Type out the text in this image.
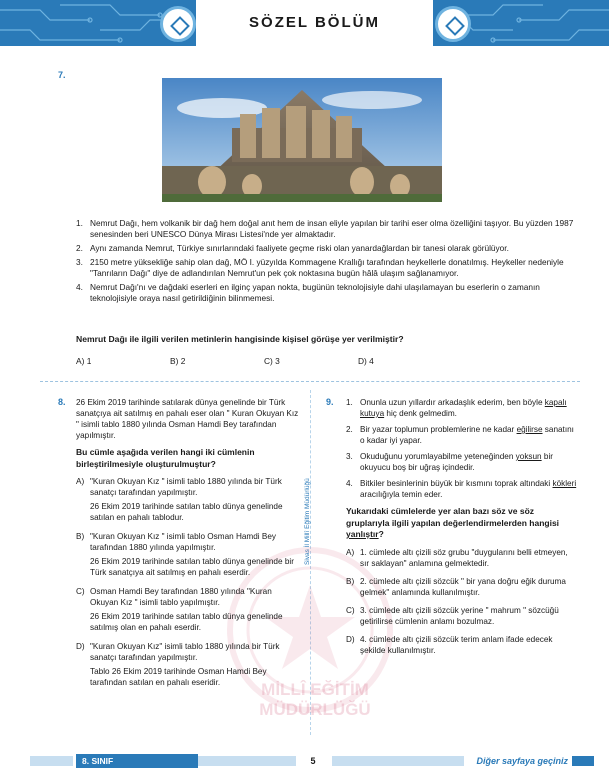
SÖZEL BÖLÜM
7.
1. Nemrut Dağı, hem volkanik bir dağ hem doğal anıt hem de insan eliyle yapılan bir tarihi eser olma özelliğini taşıyor. Bu yüzden 1987 senesinden beri UNESCO Dünya Mirası Listesi'nde yer almaktadır.
2. Aynı zamanda Nemrut, Türkiye sınırlarındaki faaliyete geçme riski olan yanardağlardan bir tanesi olarak görülüyor.
3. 2150 metre yüksekliğe sahip olan dağ, MÖ I. yüzyılda Kommagene Krallığı tarafından heykellerle donatılmış. Heykeller nedeniyle "Tanrıların Dağı" diye de adlandırılan Nemrut'un pek çok noktasına bugün hâlâ ulaşım sağlanamıyor.
4. Nemrut Dağı'nı ve dağdaki eserleri en ilginç yapan nokta, bugünün teknolojisiyle dahi ulaşılamayan bu eserlerin o zamanın teknolojisiyle oraya nasıl getirildiğinin bilinmemesi.
Nemrut Dağı ile ilgili verilen metinlerin hangisinde kişisel görüşe yer verilmiştir?
A) 1	B) 2	C) 3	D) 4
Sivas İl Millî Eğitim Müdürlüğü
MİLLÎ EĞİTİM MÜDÜRLÜĞÜ
8. 26 Ekim 2019 tarihinde satılarak dünya genelinde bir Türk sanatçıya ait satılmış en pahalı eser olan " Kuran Okuyan Kız " isimli tablo 1880 yılında Osman Hamdi Bey tarafından yapılmıştır.

Bu cümle aşağıda verilen hangi iki cümlenin birleştirilmesiyle oluşturulmuştur?
A) "Kuran Okuyan Kız " isimli tablo 1880 yılında bir Türk sanatçı tarafından yapılmıştır.

26 Ekim 2019 tarihinde satılan tablo dünya genelinde satılan en pahalı tablodur.

B) "Kuran Okuyan Kız " isimli tablo Osman Hamdi Bey tarafından 1880 yılında yapılmıştır.

26 Ekim 2019 tarihinde satılan tablo dünya genelinde bir Türk sanatçıya ait satılmış en pahalı eserdir.

C) Osman Hamdi Bey tarafından 1880 yılında "Kuran Okuyan Kız " isimli tablo yapılmıştır.

26 Ekim 2019 tarihinde satılan tablo dünya genelinde satılmış olan en pahalı eserdir.

D) "Kuran Okuyan Kız" isimli tablo 1880 yılında bir Türk sanatçı tarafından yapılmıştır.

Tablo 26 Ekim 2019 tarihinde Osman Hamdi Bey tarafından satılan en pahalı eseridir.

9. 1. Onunla uzun yıllardır arkadaşlık ederim, ben böyle kapalı kutuya hiç denk gelmedim.
2. Bir yazar toplumun problemlerine ne kadar eğilirse sanatını o kadar iyi yapar.
3. Okuduğunu yorumlayabilme yeteneğinden yoksun bir okuyucu boş bir uğraş içindedir.
4. Bitkiler besinlerinin büyük bir kısmını toprak altındaki kökleri aracılığıyla temin eder.
Yukarıdaki cümlelerde yer alan bazı söz ve söz gruplarıyla ilgili yapılan değerlendirmelerden hangisi yanlıştır?
A) 1. cümlede altı çizili söz grubu "duygularını belli etmeyen, sır saklayan" anlamına gelmektedir.
B) 2. cümlede altı çizili sözcük " bir yana doğru eğik duruma gelmek" anlamında kullanılmıştır.
C) 3. cümlede altı çizili sözcük yerine " mahrum " sözcüğü getirilirse cümlenin anlamı bozulmaz.
D) 4. cümlede altı çizili sözcük terim anlam ifade edecek şekilde kullanılmıştır.
8. SINIF	5	Diğer sayfaya geçiniz
